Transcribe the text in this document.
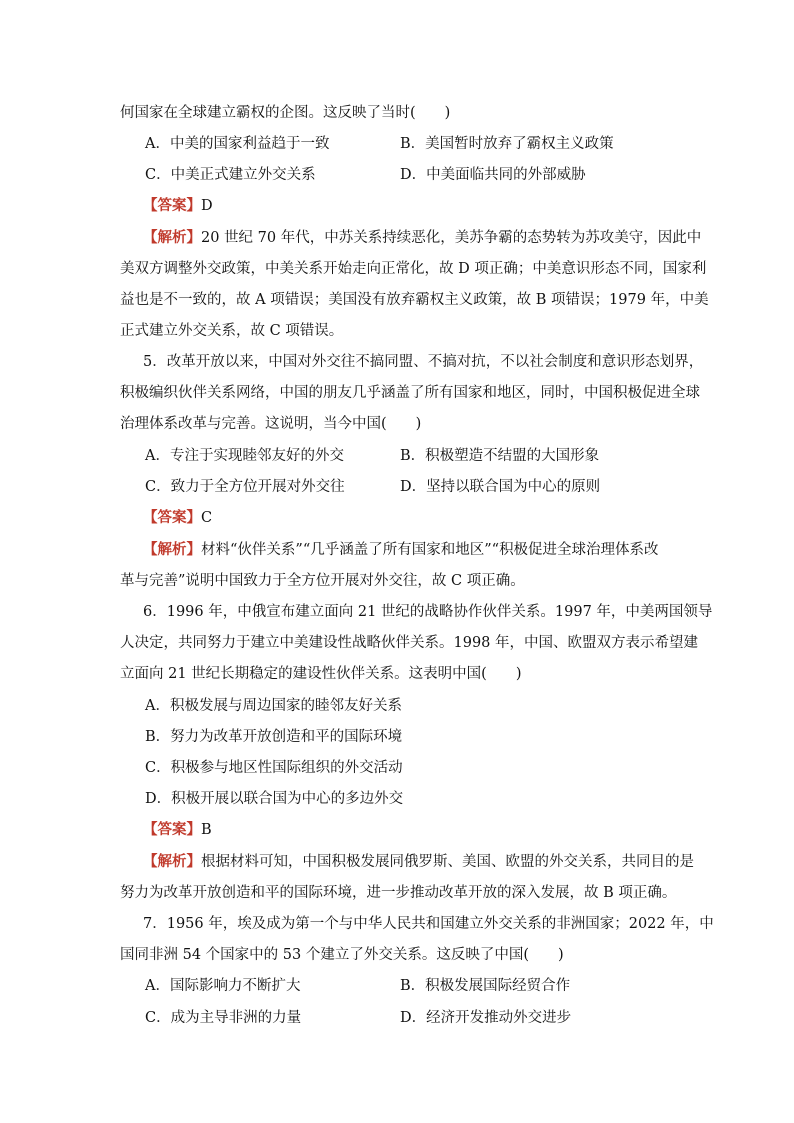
何国家在全球建立霸权的企图。这反映了当时(　　)
A．中美的国家利益趋于一致	B．美国暂时放弃了霸权主义政策
C．中美正式建立外交关系	D．中美面临共同的外部威胁
【答案】D
【解析】20 世纪 70 年代，中苏关系持续恶化，美苏争霸的态势转为苏攻美守，因此中
美双方调整外交政策，中美关系开始走向正常化，故 D 项正确；中美意识形态不同，国家利
益也是不一致的，故 A 项错误；美国没有放弃霸权主义政策，故 B 项错误；1979 年，中美
正式建立外交关系，故 C 项错误。
5．改革开放以来，中国对外交往不搞同盟、不搞对抗，不以社会制度和意识形态划界，
积极编织伙伴关系网络，中国的朋友几乎涵盖了所有国家和地区，同时，中国积极促进全球
治理体系改革与完善。这说明，当今中国(　　)
A．专注于实现睦邻友好的外交	B．积极塑造不结盟的大国形象
C．致力于全方位开展对外交往	D．坚持以联合国为中心的原则
【答案】C
【解析】材料“伙伴关系”“几乎涵盖了所有国家和地区”“积极促进全球治理体系改
革与完善”说明中国致力于全方位开展对外交往，故 C 项正确。
6．1996 年，中俄宣布建立面向 21 世纪的战略协作伙伴关系。1997 年，中美两国领导
人决定，共同努力于建立中美建设性战略伙伴关系。1998 年，中国、欧盟双方表示希望建
立面向 21 世纪长期稳定的建设性伙伴关系。这表明中国(　　)
A．积极发展与周边国家的睦邻友好关系
B．努力为改革开放创造和平的国际环境
C．积极参与地区性国际组织的外交活动
D．积极开展以联合国为中心的多边外交
【答案】B
【解析】根据材料可知，中国积极发展同俄罗斯、美国、欧盟的外交关系，共同目的是
努力为改革开放创造和平的国际环境，进一步推动改革开放的深入发展，故 B 项正确。
7．1956 年，埃及成为第一个与中华人民共和国建立外交关系的非洲国家；2022 年，中
国同非洲 54 个国家中的 53 个建立了外交关系。这反映了中国(　　)
A．国际影响力不断扩大	B．积极发展国际经贸合作
C．成为主导非洲的力量	D．经济开发推动外交进步
